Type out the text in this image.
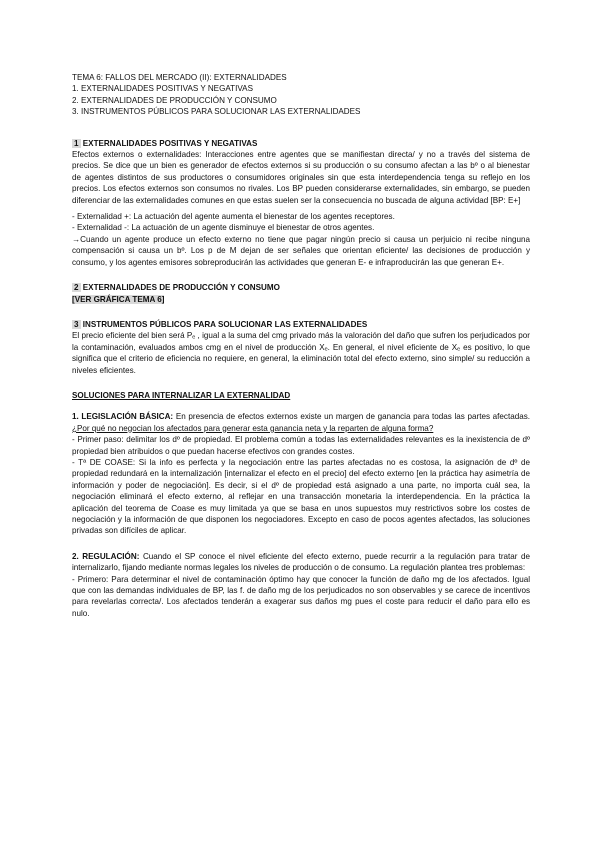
TEMA 6: FALLOS DEL MERCADO (II): EXTERNALIDADES

1. EXTERNALIDADES POSITIVAS Y NEGATIVAS

2. EXTERNALIDADES DE PRODUCCIÓN Y CONSUMO

3. INSTRUMENTOS PÚBLICOS PARA SOLUCIONAR LAS EXTERNALIDADES

1 EXTERNALIDADES POSITIVAS Y NEGATIVAS

Efectos externos o externalidades: Interacciones entre agentes que se manifiestan directa/ y no a través del sistema de precios. Se dice que un bien es generador de efectos externos si su producción o su consumo afectan a las bº o al bienestar de agentes distintos de sus productores o consumidores originales sin que esta interdependencia tenga su reflejo en los precios. Los efectos externos son consumos no rivales. Los BP pueden considerarse externalidades, sin embargo, se pueden diferenciar de las externalidades comunes en que estas suelen ser la consecuencia no buscada de alguna actividad [BP: E+]

- Externalidad +: La actuación del agente aumenta el bienestar de los agentes receptores.

- Externalidad -: La actuación de un agente disminuye el bienestar de otros agentes.

→Cuando un agente produce un efecto externo no tiene que pagar ningún precio si causa un perjuicio ni recibe ninguna compensación si causa un bº. Los p de M dejan de ser señales que orientan eficiente/ las decisiones de producción y consumo, y los agentes emisores sobreproducirán las actividades que generan E- e infraproducirán las que generan E+.

2 EXTERNALIDADES DE PRODUCCIÓN Y CONSUMO

[VER GRÁFICA TEMA 6]

3 INSTRUMENTOS PÚBLICOS PARA SOLUCIONAR LAS EXTERNALIDADES

El precio eficiente del bien será Pₑ , igual a la suma del cmg privado más la valoración del daño que sufren los perjudicados por la contaminación, evaluados ambos cmg en el nivel de producción Xₑ. En general, el nivel eficiente de Xₑ es positivo, lo que significa que el criterio de eficiencia no requiere, en general, la eliminación total del efecto externo, sino simple/ su reducción a niveles eficientes.

SOLUCIONES PARA INTERNALIZAR LA EXTERNALIDAD

1. LEGISLACIÓN BÁSICA: En presencia de efectos externos existe un margen de ganancia para todas las partes afectadas. ¿Por qué no negocian los afectados para generar esta ganancia neta y la reparten de alguna forma?

- Primer paso: delimitar los dº de propiedad. El problema común a todas las externalidades relevantes es la inexistencia de dº propiedad bien atribuidos o que puedan hacerse efectivos con grandes costes.

- Tª DE COASE: Si la info es perfecta y la negociación entre las partes afectadas no es costosa, la asignación de dº de propiedad redundará en la internalización [internalizar el efecto en el precio] del efecto externo [en la práctica hay asimetría de información y poder de negociación]. Es decir, si el dº de propiedad está asignado a una parte, no importa cuál sea, la negociación eliminará el efecto externo, al reflejar en una transacción monetaria la interdependencia. En la práctica la aplicación del teorema de Coase es muy limitada ya que se basa en unos supuestos muy restrictivos sobre los costes de negociación y la información de que disponen los negociadores. Excepto en caso de pocos agentes afectados, las soluciones privadas son difíciles de aplicar.

2. REGULACIÓN: Cuando el SP conoce el nivel eficiente del efecto externo, puede recurrir a la regulación para tratar de internalizarlo, fijando mediante normas legales los niveles de producción o de consumo. La regulación plantea tres problemas:

- Primero: Para determinar el nivel de contaminación óptimo hay que conocer la función de daño mg de los afectados. Igual que con las demandas individuales de BP, las f. de daño mg de los perjudicados no son observables y se carece de incentivos para revelarlas correcta/. Los afectados tenderán a exagerar sus daños mg pues el coste para reducir el daño para ello es nulo.
